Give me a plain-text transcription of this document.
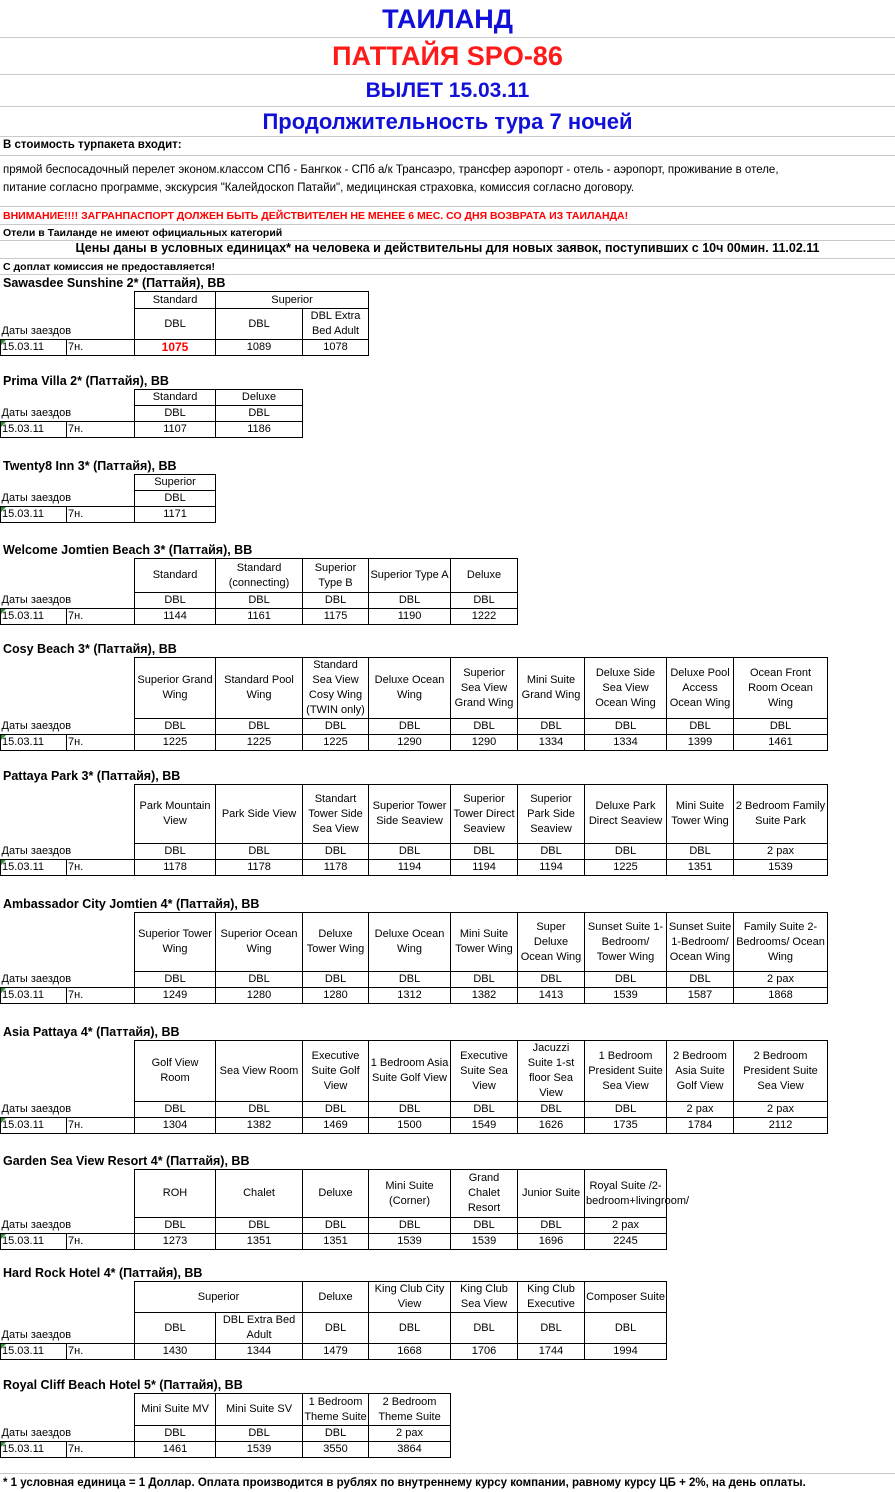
ТАИЛАНД
ПАТТАЙЯ SPO-86
ВЫЛЕТ 15.03.11
Продолжительность тура 7 ночей
В стоимость турпакета входит:
прямой беспосадочный перелет эконом.классом СПб - Бангкок - СПб а/к Трансаэро, трансфер аэропорт - отель - аэропорт, проживание в отеле,
питание согласно программе, экскурсия "Калейдоскоп Патайи", медицинская страховка, комиссия согласно договору.
ВНИМАНИЕ!!!! ЗАГРАНПАСПОРТ ДОЛЖЕН БЫТЬ ДЕЙСТВИТЕЛЕН НЕ МЕНЕЕ 6 МЕС. СО ДНЯ ВОЗВРАТА ИЗ ТАИЛАНДА!
Отели в Таиланде не имеют официальных категорий
Цены даны в условных единицах* на человека и действительны для новых заявок, поступивших с 10ч 00мин. 11.02.11
С доплат комиссия не предоставляется!
* 1 условная единица = 1 Доллар. Оплата производится в рублях по внутреннему курсу компании, равному курсу ЦБ + 2%, на день оплаты.
Sawasdee Sunshine 2* (Паттайя), BB
Даты заездов		Standard	Superior	
		DBL	DBL	DBL Extra Bed Adult
15.03.11	7н.	1075	1089	1078
Prima Villa 2* (Паттайя), BB
Даты заездов		Standard	Deluxe
		DBL	DBL
15.03.11	7н.	1107	1186
Twenty8 Inn 3* (Паттайя), BB
Даты заездов		Superior
		DBL
15.03.11	7н.	1171
Welcome Jomtien Beach 3* (Паттайя), BB
Даты заездов		Standard	Standard (connecting)	Superior Type B	Superior Type A	Deluxe
		DBL	DBL	DBL	DBL	DBL
15.03.11	7н.	1144	1161	1175	1190	1222
Cosy Beach 3* (Паттайя), BB
Даты заездов		Superior Grand Wing	Standard Pool Wing	Standard Sea View Cosy Wing (TWIN only)	Deluxe Ocean Wing	Superior Sea View Grand Wing	Mini Suite Grand Wing	Deluxe Side Sea View Ocean Wing	Deluxe Pool Access Ocean Wing	Ocean Front Room Ocean Wing
		DBL	DBL	DBL	DBL	DBL	DBL	DBL	DBL	DBL
15.03.11	7н.	1225	1225	1225	1290	1290	1334	1334	1399	1461
Pattaya Park 3* (Паттайя), BB
Даты заездов		Park Mountain View	Park Side View	Standart Tower Side Sea View	Superior Tower Side Seaview	Superior Tower Direct Seaview	Superior Park Side Seaview	Deluxe Park Direct Seaview	Mini Suite Tower Wing	2 Bedroom Family Suite Park
		DBL	DBL	DBL	DBL	DBL	DBL	DBL	DBL	2 pax
15.03.11	7н.	1178	1178	1178	1194	1194	1194	1225	1351	1539
Ambassador City Jomtien 4* (Паттайя), BB
Даты заездов		Superior Tower Wing	Superior Ocean Wing	Deluxe Tower Wing	Deluxe Ocean Wing	Mini Suite Tower Wing	Super Deluxe Ocean Wing	Sunset Suite 1-Bedroom/ Tower Wing	Sunset Suite 1-Bedroom/ Ocean Wing	Family Suite 2-Bedrooms/ Ocean Wing
		DBL	DBL	DBL	DBL	DBL	DBL	DBL	DBL	2 pax
15.03.11	7н.	1249	1280	1280	1312	1382	1413	1539	1587	1868
Asia Pattaya 4* (Паттайя), BB
Даты заездов		Golf View Room	Sea View Room	Executive Suite Golf View	1 Bedroom Asia Suite Golf View	Executive Suite Sea View	Jacuzzi Suite 1-st floor Sea View	1 Bedroom President Suite Sea View	2 Bedroom Asia Suite Golf View	2 Bedroom President Suite Sea View
		DBL	DBL	DBL	DBL	DBL	DBL	DBL	2 pax	2 pax
15.03.11	7н.	1304	1382	1469	1500	1549	1626	1735	1784	2112
Garden Sea View Resort 4* (Паттайя), BB
Даты заездов		ROH	Chalet	Deluxe	Mini Suite (Corner)	Grand Chalet Resort	Junior Suite	Royal Suite /2-bedroom+livingroom/
		DBL	DBL	DBL	DBL	DBL	DBL	2 pax
15.03.11	7н.	1273	1351	1351	1539	1539	1696	2245
Hard Rock Hotel 4* (Паттайя), BB
Даты заездов		Superior		Deluxe	King Club City View	King Club Sea View	King Club Executive	Composer Suite
		DBL	DBL Extra Bed Adult	DBL	DBL	DBL	DBL	DBL
15.03.11	7н.	1430	1344	1479	1668	1706	1744	1994
Royal Cliff Beach Hotel 5* (Паттайя), BB
Даты заездов		Mini Suite MV	Mini Suite SV	1 Bedroom Theme Suite	2 Bedroom Theme Suite
		DBL	DBL	DBL	2 pax
15.03.11	7н.	1461	1539	3550	3864
